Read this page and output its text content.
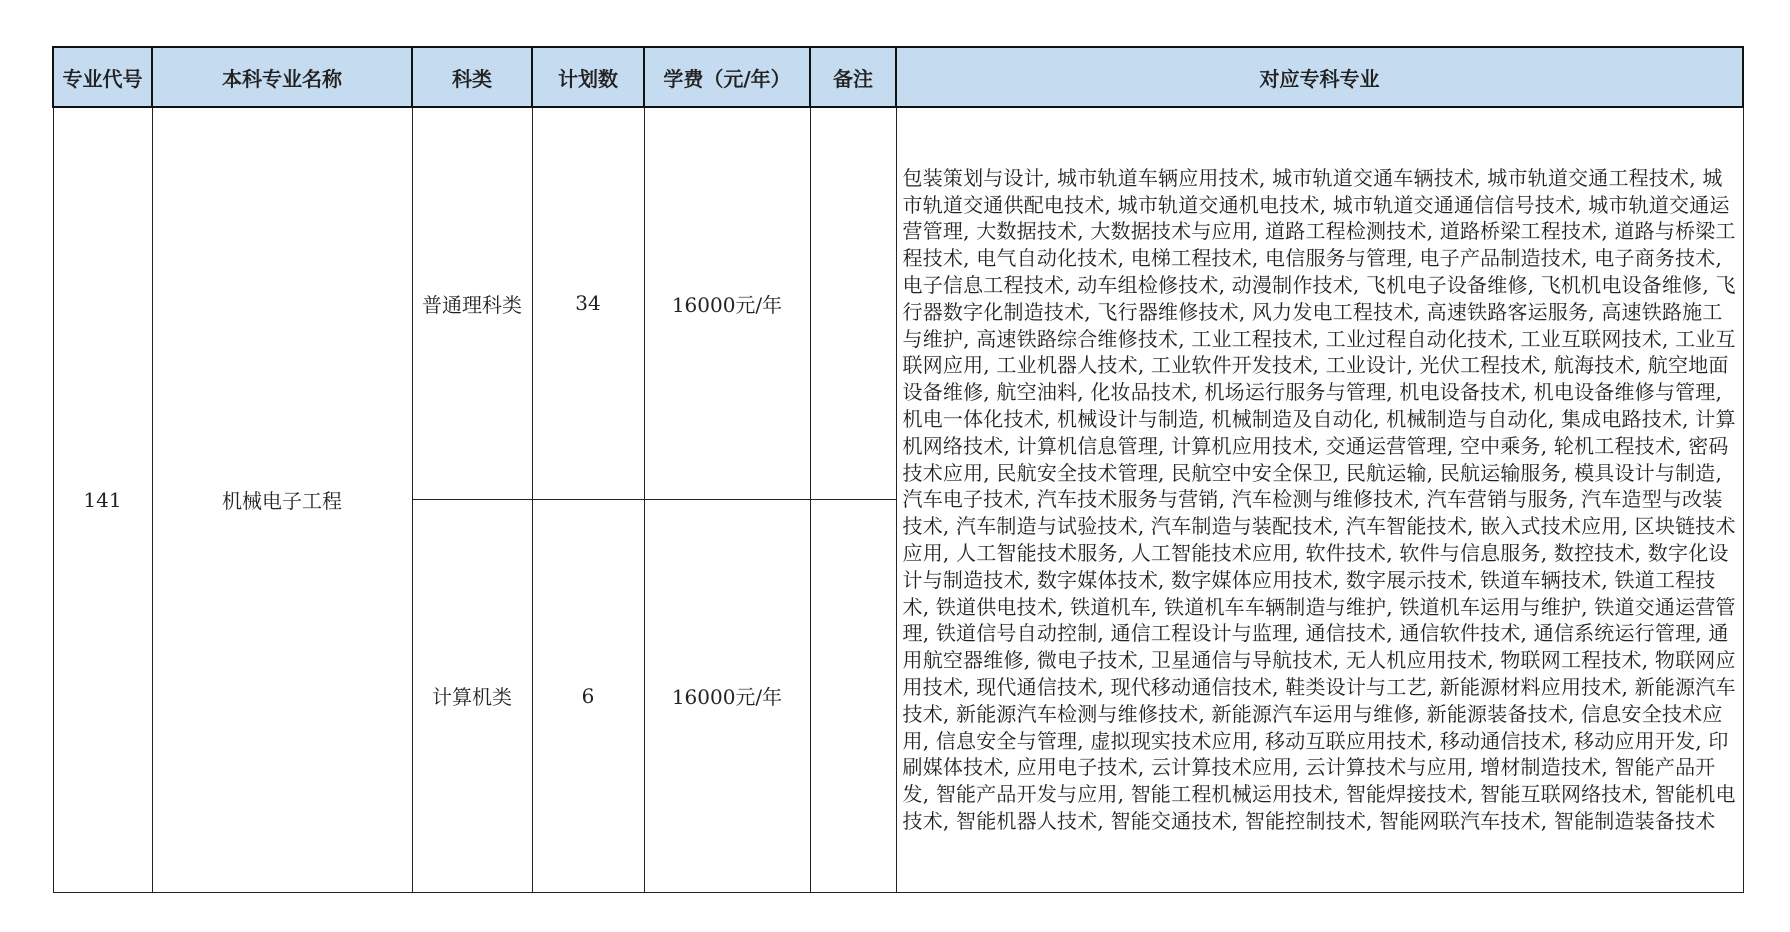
专业代号	本科专业名称	科类	计划数	学费（元/年）	备注	对应专科专业
141	机械电子工程	普通理科类	34	16000元/年		包装策划与设计, 城市轨道车辆应用技术, 城市轨道交通车辆技术, 城市轨道交通工程技术, 城市轨道交通供配电技术, 城市轨道交通机电技术, 城市轨道交通通信信号技术, 城市轨道交通运营管理, 大数据技术, 大数据技术与应用, 道路工程检测技术, 道路桥梁工程技术, 道路与桥梁工程技术, 电气自动化技术, 电梯工程技术, 电信服务与管理, 电子产品制造技术, 电子商务技术, 电子信息工程技术, 动车组检修技术, 动漫制作技术, 飞机电子设备维修, 飞机机电设备维修, 飞行器数字化制造技术, 飞行器维修技术, 风力发电工程技术, 高速铁路客运服务, 高速铁路施工与维护, 高速铁路综合维修技术, 工业工程技术, 工业过程自动化技术, 工业互联网技术, 工业互联网应用, 工业机器人技术, 工业软件开发技术, 工业设计, 光伏工程技术, 航海技术, 航空地面设备维修, 航空油料, 化妆品技术, 机场运行服务与管理, 机电设备技术, 机电设备维修与管理, 机电一体化技术, 机械设计与制造, 机械制造及自动化, 机械制造与自动化, 集成电路技术, 计算机网络技术, 计算机信息管理, 计算机应用技术, 交通运营管理, 空中乘务, 轮机工程技术, 密码技术应用, 民航安全技术管理, 民航空中安全保卫, 民航运输, 民航运输服务, 模具设计与制造, 汽车电子技术, 汽车技术服务与营销, 汽车检测与维修技术, 汽车营销与服务, 汽车造型与改装技术, 汽车制造与试验技术, 汽车制造与装配技术, 汽车智能技术, 嵌入式技术应用, 区块链技术应用, 人工智能技术服务, 人工智能技术应用, 软件技术, 软件与信息服务, 数控技术, 数字化设计与制造技术, 数字媒体技术, 数字媒体应用技术, 数字展示技术, 铁道车辆技术, 铁道工程技术, 铁道供电技术, 铁道机车, 铁道机车车辆制造与维护, 铁道机车运用与维护, 铁道交通运营管理, 铁道信号自动控制, 通信工程设计与监理, 通信技术, 通信软件技术, 通信系统运行管理, 通用航空器维修, 微电子技术, 卫星通信与导航技术, 无人机应用技术, 物联网工程技术, 物联网应用技术, 现代通信技术, 现代移动通信技术, 鞋类设计与工艺, 新能源材料应用技术, 新能源汽车技术, 新能源汽车检测与维修技术, 新能源汽车运用与维修, 新能源装备技术, 信息安全技术应用, 信息安全与管理, 虚拟现实技术应用, 移动互联应用技术, 移动通信技术, 移动应用开发, 印刷媒体技术, 应用电子技术, 云计算技术应用, 云计算技术与应用, 增材制造技术, 智能产品开发, 智能产品开发与应用, 智能工程机械运用技术, 智能焊接技术, 智能互联网络技术, 智能机电技术, 智能机器人技术, 智能交通技术, 智能控制技术, 智能网联汽车技术, 智能制造装备技术
		计算机类	6	16000元/年		
